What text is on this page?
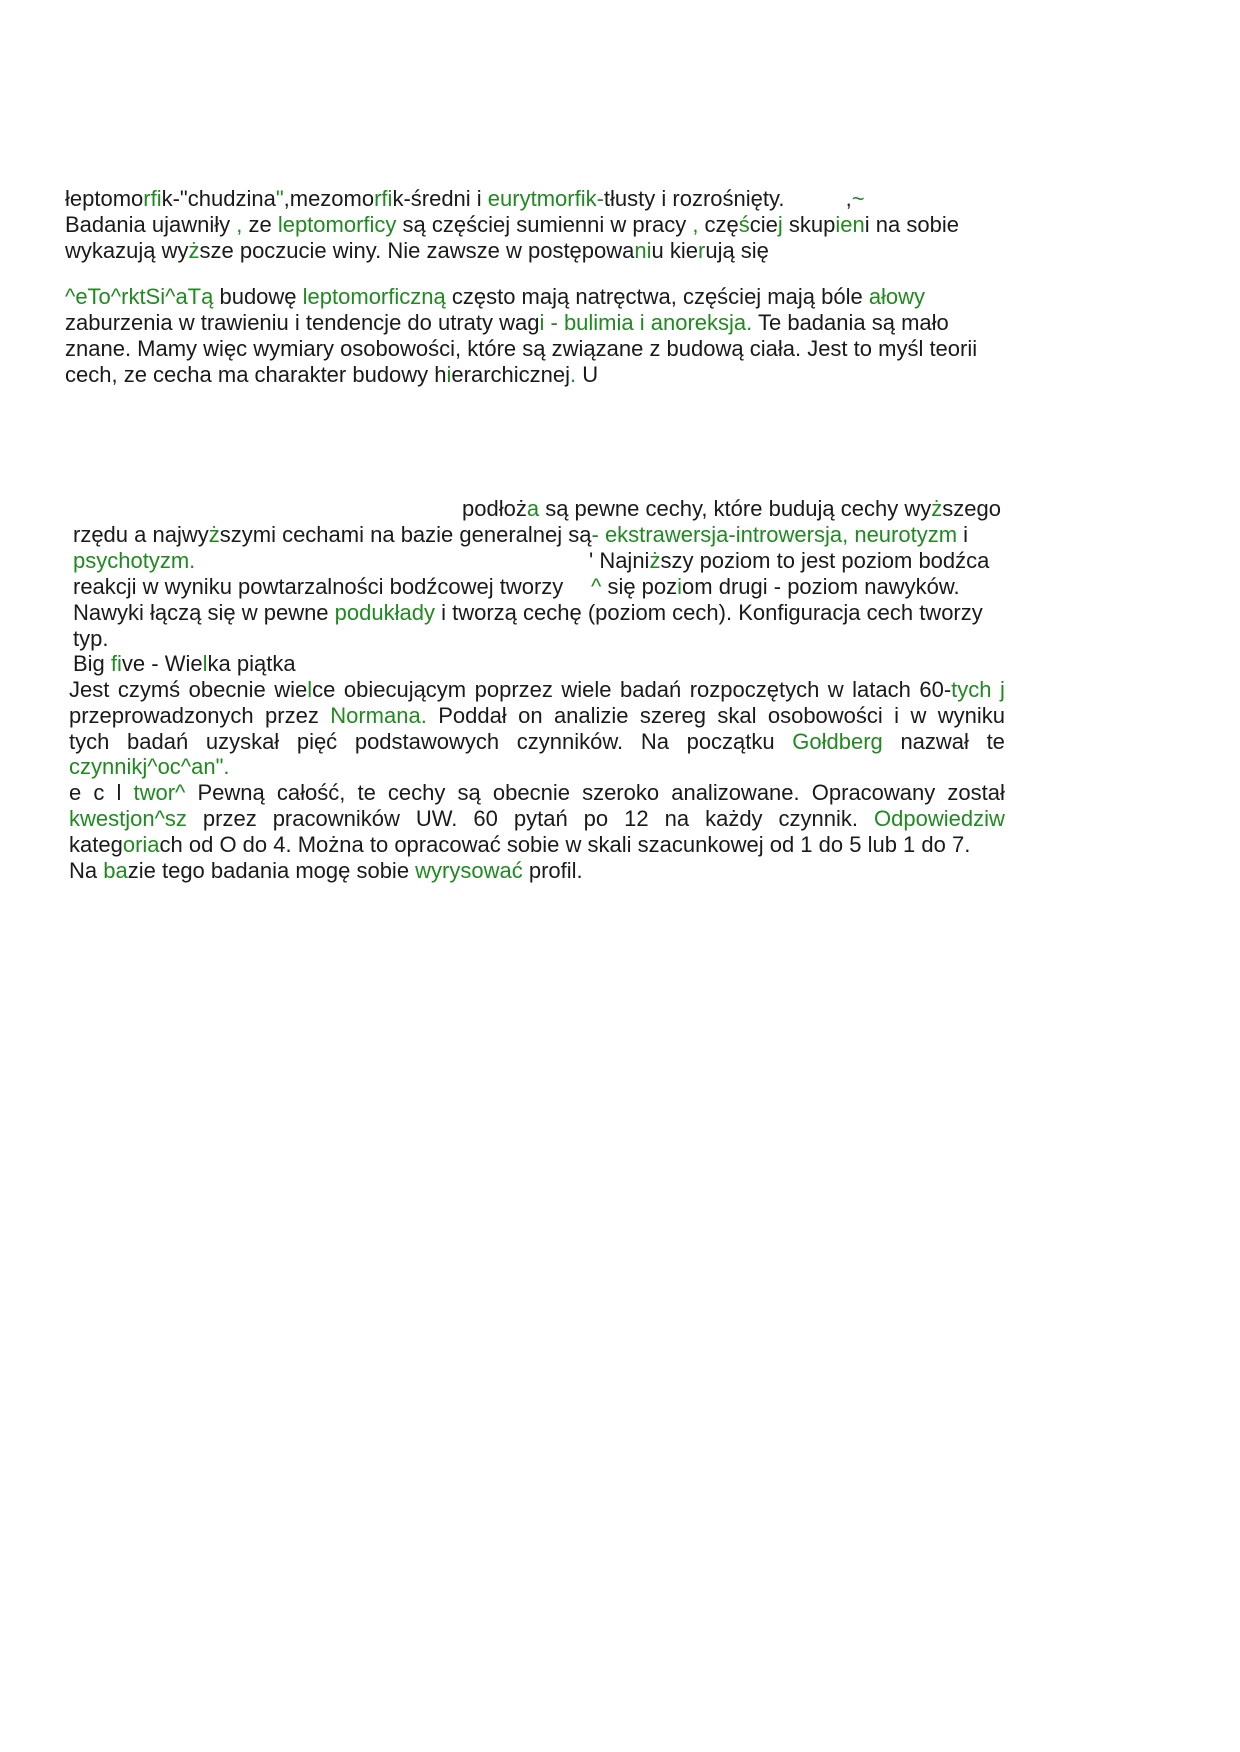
łeptomorfik-"chudzina",mezomorfik-średni i eurytmorfik-tłusty i rozrośnięty.          ,~
Badania ujawniły , ze leptomorficy są częściej sumienni w pracy , częściej skupieni na sobie
wykazują wyższe poczucie winy. Nie zawsze w postępowaniu kierują się
^eTo^rktSi^aTą budowę leptomorficzną często mają natręctwa, częściej mają bóle ałowy
zaburzenia w trawieniu i tendencje do utraty wagi - bulimia i anoreksja. Te badania są mało
znane. Mamy więc wymiary osobowości, które są związane z budową ciała. Jest to myśl teorii
cech, ze cecha ma charakter budowy hierarchicznej. U
podłoża są pewne cechy, które budują cechy wyższego
rzędu a najwyższymi cechami na bazie generalnej są- ekstrawersja-introwersja, neurotyzm i
psychotyzm.	' Najniższy poziom to jest poziom bodźca
reakcji w wyniku powtarzalności bodźcowej tworzy ^ się poziom drugi - poziom nawyków.
Nawyki łączą się w pewne podukłady i tworzą cechę (poziom cech). Konfiguracja cech tworzy
typ.
Big five - Wielka piątka
Jest czymś obecnie wielce obiecującym poprzez wiele badań rozpoczętych w latach 60-tych j
przeprowadzonych przez Normana. Poddał on analizie szereg skal osobowości i w wyniku
tych badań uzyskał pięć podstawowych czynników. Na początku Gołdberg nazwał te
czynnikj^oc^an".
e c l twor^ Pewną całość, te cechy są obecnie szeroko analizowane. Opracowany został
kwestjon^sz przez pracowników UW. 60 pytań po 12 na każdy czynnik. Odpowiedziw
kategoriach od O do 4. Można to opracować sobie w skali szacunkowej od 1 do 5 lub 1 do 7.
Na bazie tego badania mogę sobie wyrysować profil.
